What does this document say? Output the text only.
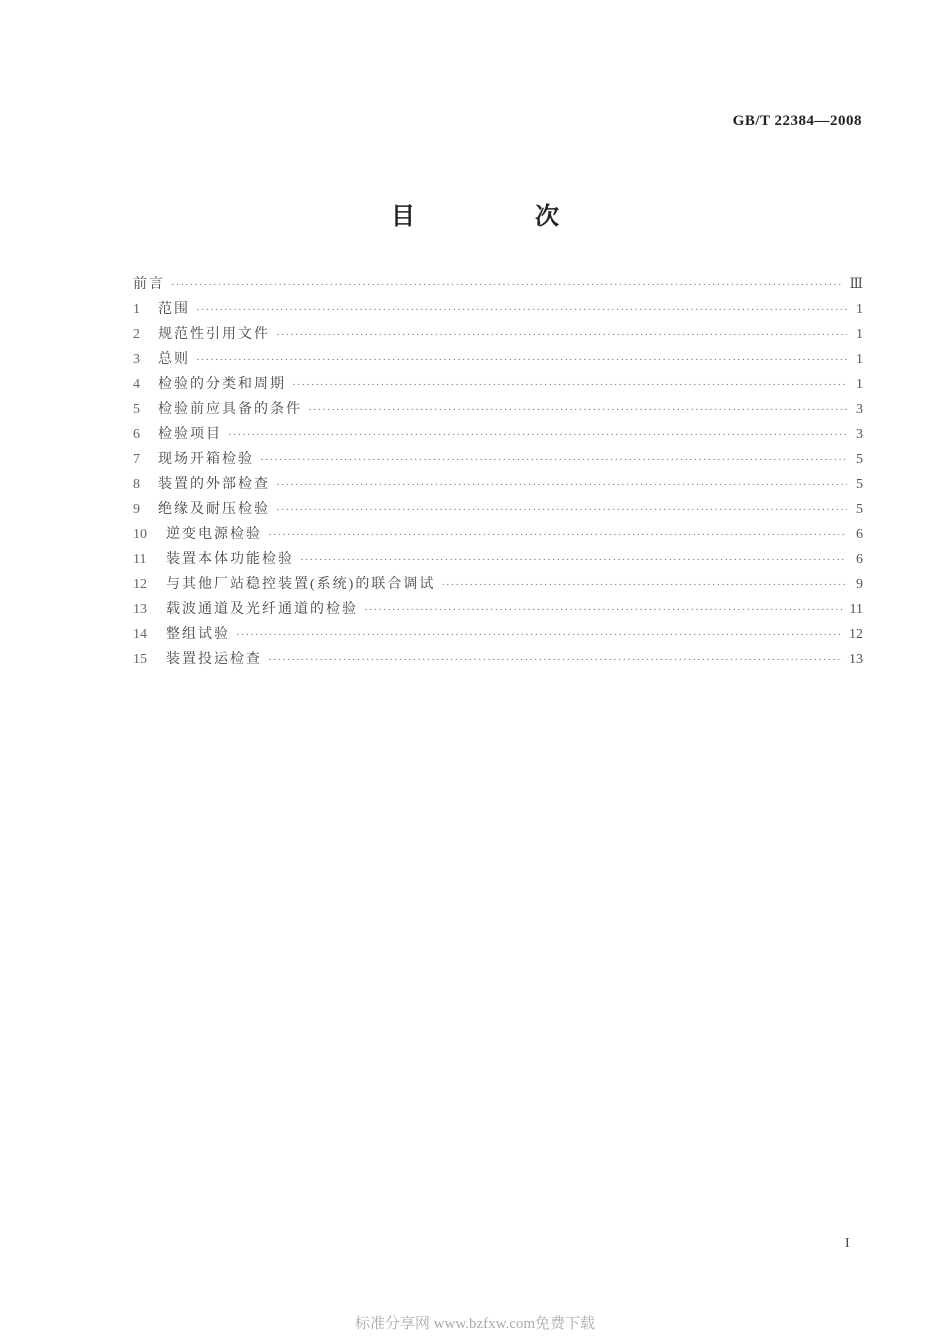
GB/T 22384—2008
目　次
前言 ·····	Ⅲ
1	范围 ·····	1
2	规范性引用文件 ·····	1
3	总则 ·····	1
4	检验的分类和周期 ·····	1
5	检验前应具备的条件 ·····	3
6	检验项目 ·····	3
7	现场开箱检验 ·····	5
8	装置的外部检查 ·····	5
9	绝缘及耐压检验 ·····	5
10	逆变电源检验 ·····	6
11	装置本体功能检验 ·····	6
12	与其他厂站稳控装置(系统)的联合调试 ·····	9
13	载波通道及光纤通道的检验 ·····	11
14	整组试验 ·····	12
15	装置投运检查 ·····	13
I
标准分享网 www.bzfxw.com免费下载
